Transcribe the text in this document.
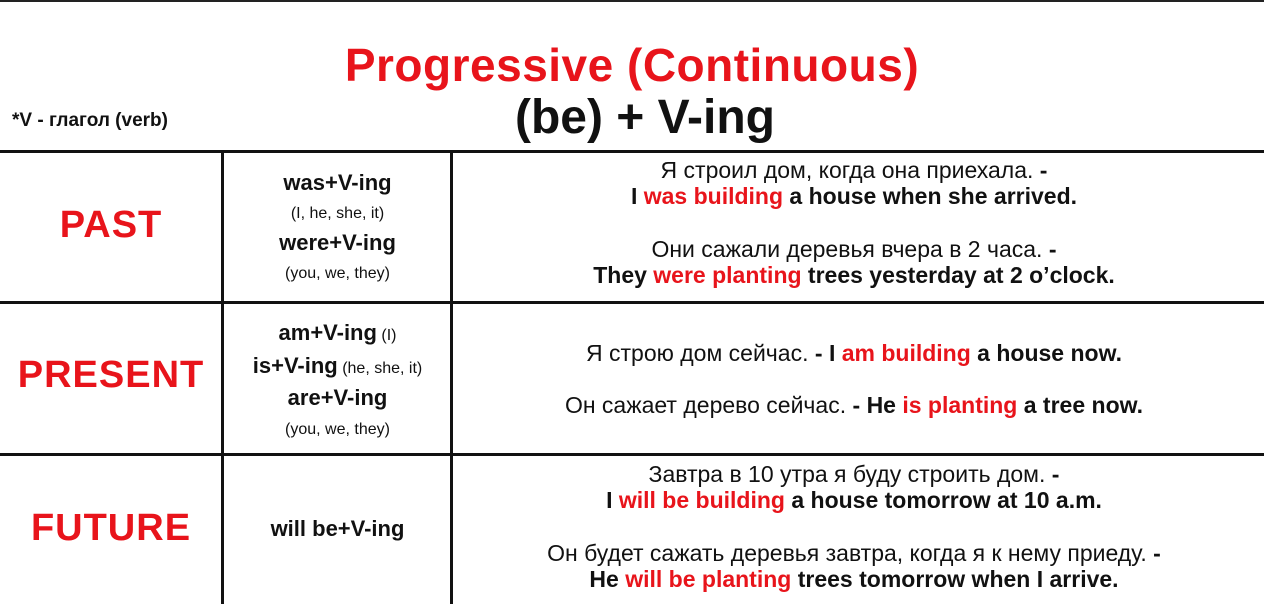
Progressive (Continuous)
(be) + V-ing
*V - глагол (verb)
PAST
was+V-ing
(I, he, she, it)
were+V-ing
(you, we, they)
Я строил дом, когда она приехала. -
I was building a house when she arrived.
Они сажали деревья вчера в 2 часа. -
They were planting trees yesterday at 2 o’clock.
PRESENT
am+V-ing (I)
is+V-ing (he, she, it)
are+V-ing
(you, we, they)
Я строю дом сейчас. - I am building a house now.
Он сажает дерево сейчас. - He is planting a tree now.
FUTURE	will be+V-ing
Завтра в 10 утра я буду строить дом. -
I will be building a house tomorrow at 10 a.m.
Он будет сажать деревья завтра, когда я к нему приеду. -
He will be planting trees tomorrow when I arrive.
